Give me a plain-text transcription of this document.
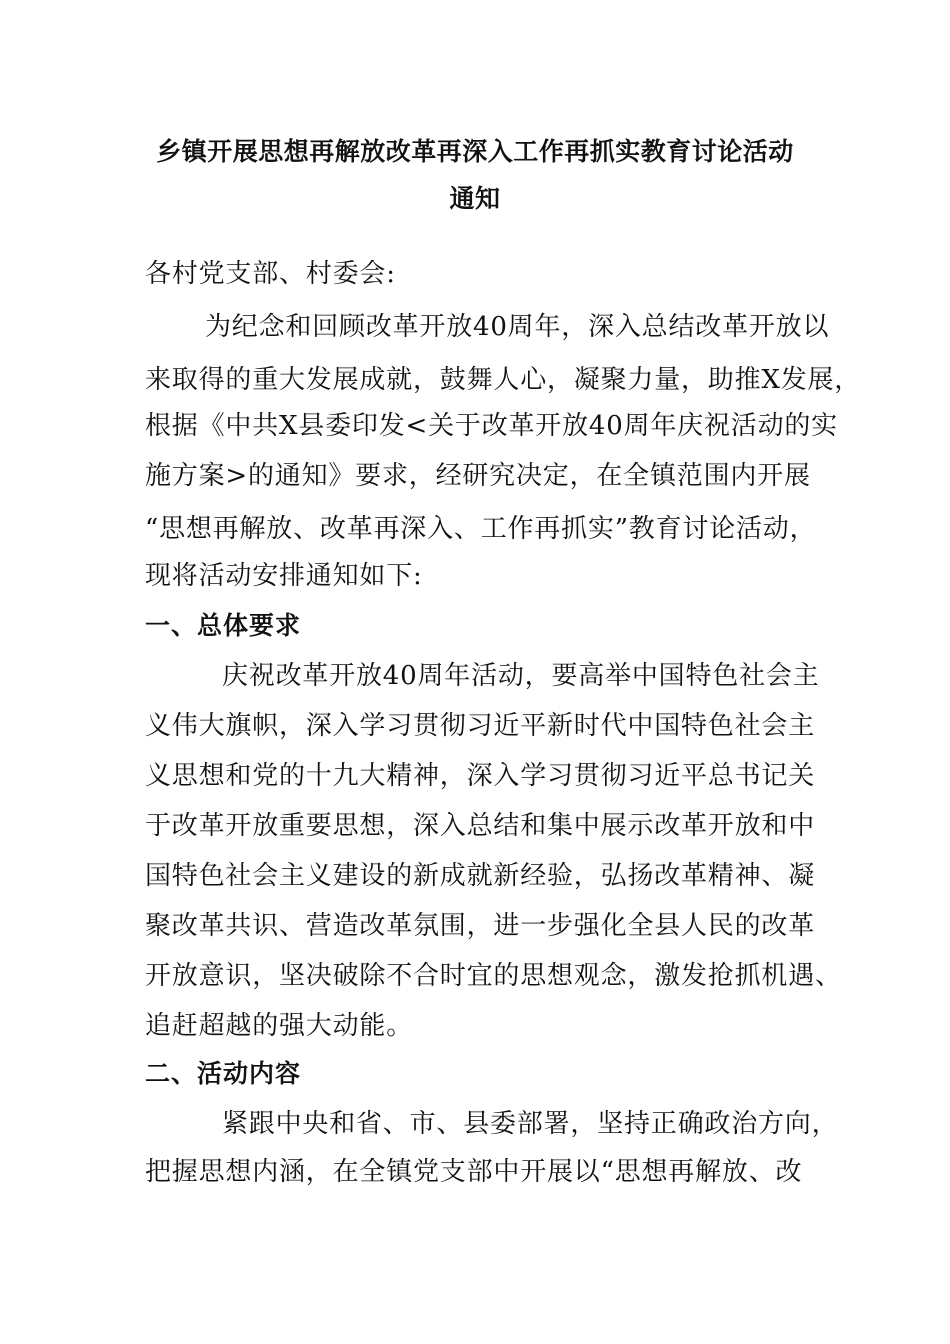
乡镇开展思想再解放改革再深入工作再抓实教育讨论活动
通知
各村党支部、村委会:
为纪念和回顾改革开放40周年，深入总结改革开放以
来取得的重大发展成就，鼓舞人心，凝聚力量，助推X发展，
根据《中共X县委印发<关于改革开放40周年庆祝活动的实
施方案>的通知》要求，经研究决定，在全镇范围内开展
“思想再解放、改革再深入、工作再抓实”教育讨论活动，
现将活动安排通知如下:
一、总体要求
庆祝改革开放40周年活动，要高举中国特色社会主
义伟大旗帜，深入学习贯彻习近平新时代中国特色社会主
义思想和党的十九大精神，深入学习贯彻习近平总书记关
于改革开放重要思想，深入总结和集中展示改革开放和中
国特色社会主义建设的新成就新经验，弘扬改革精神、凝
聚改革共识、营造改革氛围，进一步强化全县人民的改革
开放意识，坚决破除不合时宜的思想观念，激发抢抓机遇、
追赶超越的强大动能。
二、活动内容
紧跟中央和省、市、县委部署，坚持正确政治方向，
把握思想内涵，在全镇党支部中开展以“思想再解放、改
